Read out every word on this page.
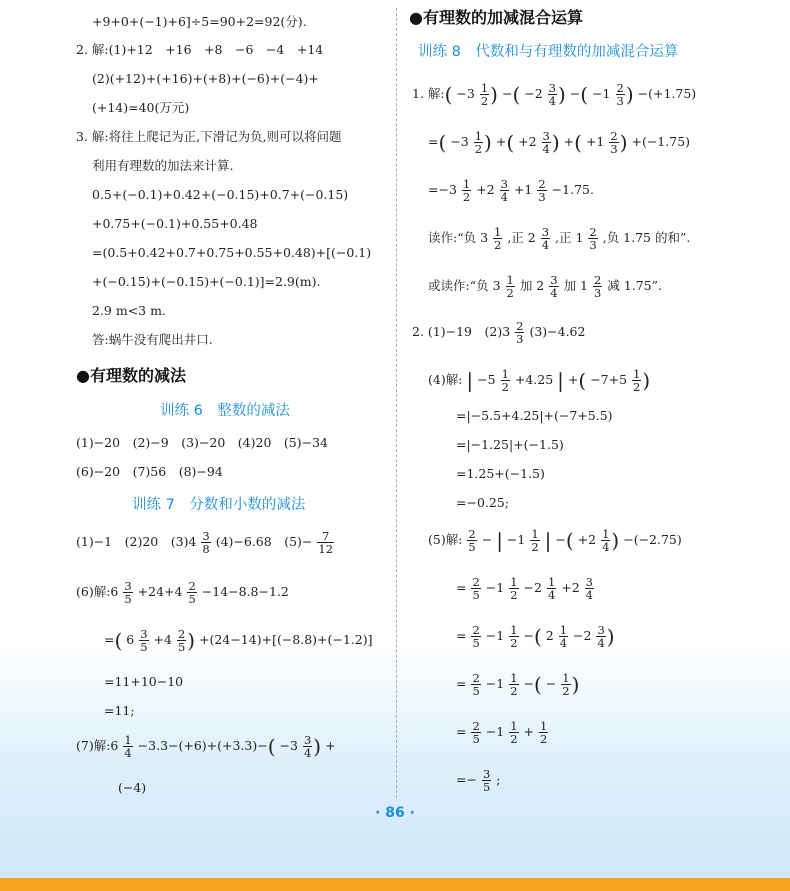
+9+0+(−1)+6]÷5=90+2=92(分).
2. 解:(1)+12　+16　+8　−6　−4　+14
(2)(+12)+(+16)+(+8)+(−6)+(−4)+
(+14)=40(万元)
3. 解:将往上爬记为正,下滑记为负,则可以将问题
利用有理数的加法来计算.
0.5+(−0.1)+0.42+(−0.15)+0.7+(−0.15)
+0.75+(−0.1)+0.55+0.48
=(0.5+0.42+0.7+0.75+0.55+0.48)+[(−0.1)
+(−0.15)+(−0.15)+(−0.1)]=2.9(m).
2.9 m<3 m.
答:蜗牛没有爬出井口.
●有理数的减法
训练 6　整数的减法
(1)−20　(2)−9　(3)−20　(4)20　(5)−34
(6)−20　(7)56　(8)−94
训练 7　分数和小数的减法
(1)−1　(2)20　$(3)4 \frac{3}{8} (4)-6.68$　$(5)- \frac{7}{12}$
(6)解:6 $\frac{3}{5} +24+4 \frac{2}{5} -14-8.8-1.2$
=( $6 \frac{3}{5} +4 \frac{2}{5}$ ) +(24−14)+[(−8.8)+(−1.2)]
=11+10−10
=11;
(7)解:6 $\frac{1}{4} -3.3-(+6)+(+3.3)-( -3 \frac{3}{4}$ ) +
(−4)
●有理数的加减混合运算
训练 8　代数和与有理数的加减混合运算
1. 解:( $-3 \frac{1}{2}$ ) −( $-2 \frac{3}{4}$ ) −( $-1 \frac{2}{3}$ ) −(+1.75)
=( $-3 \frac{1}{2}$ ) +( $+2 \frac{3}{4}$ ) +( $+1 \frac{2}{3}$ ) +(−1.75)
$=-3 \frac{1}{2} +2 \frac{3}{4} +1 \frac{2}{3} -1.75$.
读作:“负 $3 \frac{1}{2}$ ,正 $2 \frac{3}{4}$ ,正 $1 \frac{2}{3}$ ,负 1.75 的和”.
或读作:“负 $3 \frac{1}{2}$ 加 $2 \frac{3}{4}$ 加 $1 \frac{2}{3}$ 减 1.75”.
2. (1)−19　$(2)3 \frac{2}{3} (3)-4.62$
(4)解: | $-5 \frac{1}{2} +4.25$ | +( $-7+5 \frac{1}{2}$ )
=|−5.5+4.25|+(−7+5.5)
=|−1.25|+(−1.5)
=1.25+(−1.5)
=−0.25;
(5)解: $\frac{2}{5}$ − | $-1 \frac{1}{2}$ | −( $+2 \frac{1}{4}$ ) −(−2.75)
= $\frac{2}{5} -1 \frac{1}{2} -2 \frac{1}{4} +2 \frac{3}{4}$
= $\frac{2}{5} -1 \frac{1}{2}$ −( $2 \frac{1}{4} -2 \frac{3}{4}$ )
= $\frac{2}{5} -1 \frac{1}{2}$ −( − $\frac{1}{2}$ )
= $\frac{2}{5} -1 \frac{1}{2} + \frac{1}{2}$
=− $\frac{3}{5}$ ;
· 86 ·
